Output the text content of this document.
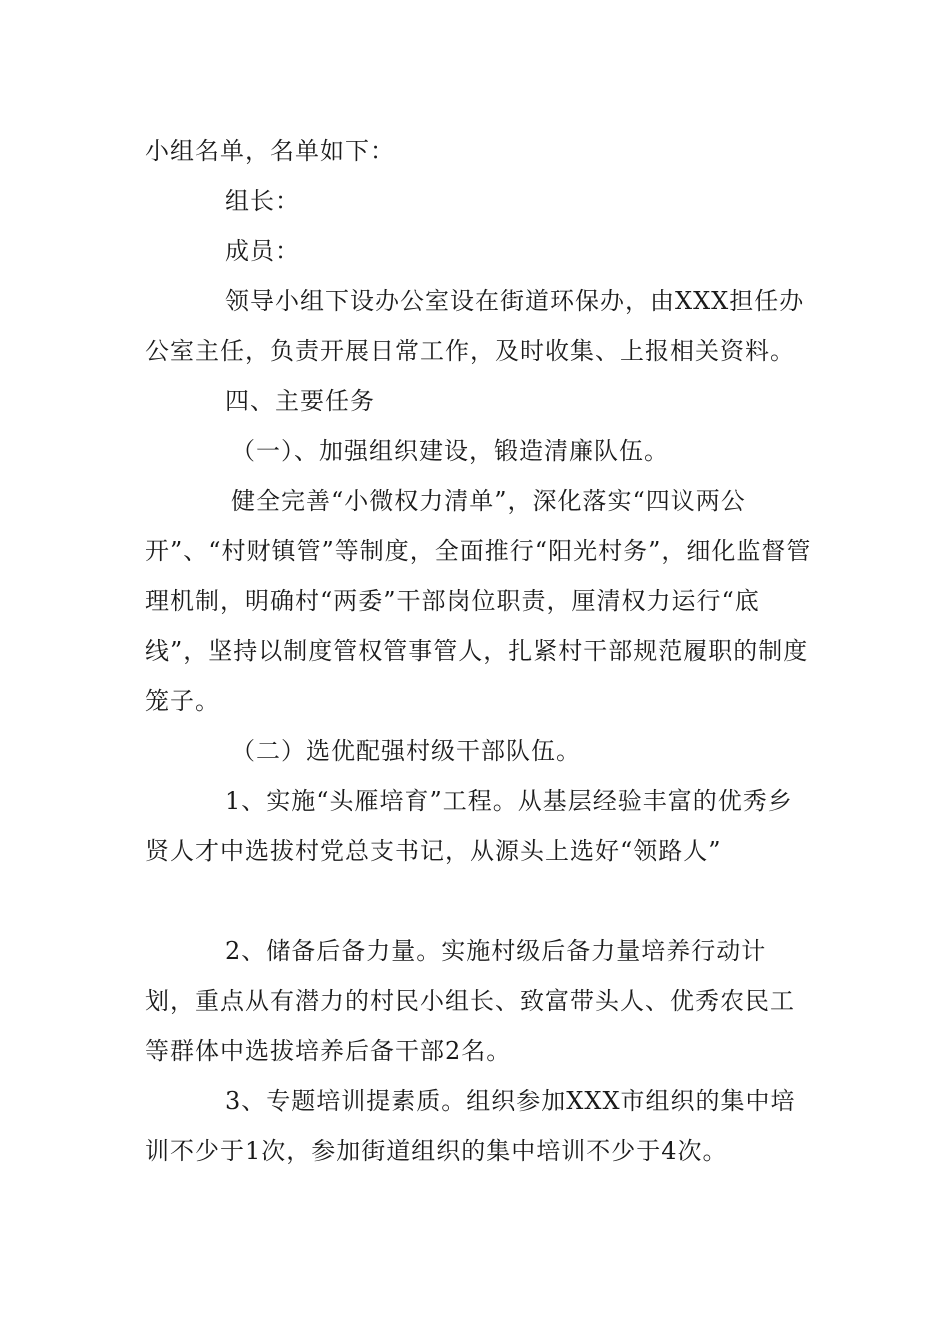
小组名单，名单如下：

组长：

成员：

领导小组下设办公室设在街道环保办，由XXX担任办公室主任，负责开展日常工作，及时收集、上报相关资料。

四、主要任务

（一）、加强组织建设，锻造清廉队伍。

健全完善“小微权力清单”，深化落实“四议两公开”、“村财镇管”等制度，全面推行“阳光村务”，细化监督管理机制，明确村“两委”干部岗位职责，厘清权力运行“底线”，坚持以制度管权管事管人，扎紧村干部规范履职的制度笼子。

（二）选优配强村级干部队伍。

1、实施“头雁培育”工程。从基层经验丰富的优秀乡贤人才中选拔村党总支书记，从源头上选好“领路人”

2、储备后备力量。实施村级后备力量培养行动计划，重点从有潜力的村民小组长、致富带头人、优秀农民工等群体中选拔培养后备干部2名。

3、专题培训提素质。组织参加XXX市组织的集中培训不少于1次，参加街道组织的集中培训不少于4次。
